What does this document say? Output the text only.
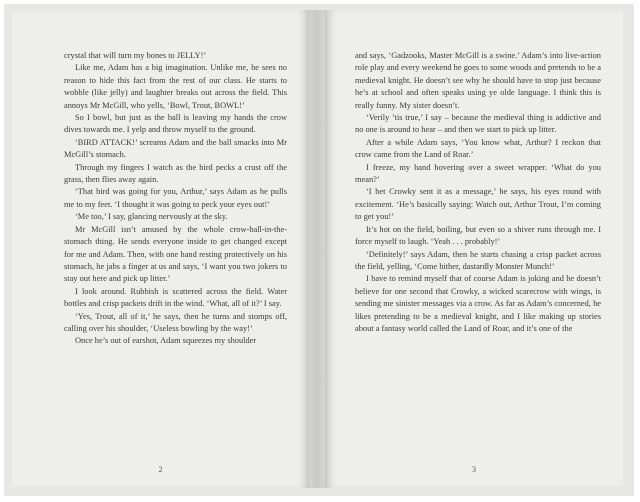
crystal that will turn my bones to JELLY!’

Like me, Adam has a big imagination. Unlike me, he sees no reason to hide this fact from the rest of our class. He starts to wobble (like jelly) and laughter breaks out across the field. This annoys Mr McGill, who yells, ‘Bowl, Trout, BOWL!’

So I bowl, but just as the ball is leaving my hands the crow dives towards me. I yelp and throw myself to the ground.

‘BIRD ATTACK!’ screams Adam and the ball smacks into Mr McGill’s stomach.

Through my fingers I watch as the bird pecks a crust off the grass, then flies away again.

‘That bird was going for you, Arthur,’ says Adam as he pulls me to my feet. ‘I thought it was going to peck your eyes out!’

‘Me too,’ I say, glancing nervously at the sky.

Mr McGill isn’t amused by the whole crow-ball-in-the-stomach thing. He sends everyone inside to get changed except for me and Adam. Then, with one hand resting protectively on his stomach, he jabs a finger at us and says, ‘I want you two jokers to stay out here and pick up litter.’

I look around. Rubbish is scattered across the field. Water bottles and crisp packets drift in the wind. ‘What, all of it?’ I say.

‘Yes, Trout, all of it,’ he says, then he turns and stomps off, calling over his shoulder, ‘Useless bowling by the way!’

Once he’s out of earshot, Adam squeezes my shoulder

2

and says, ‘Gadzooks, Master McGill is a swine.’ Adam’s into live-action role play and every weekend he goes to some woods and pretends to be a medieval knight. He doesn’t see why he should have to stop just because he’s at school and often speaks using ye olde language. I think this is really funny. My sister doesn’t.

‘Verily ’tis true,’ I say – because the medieval thing is addictive and no one is around to hear – and then we start to pick up litter.

After a while Adam says, ‘You know what, Arthur? I reckon that crow came from the Land of Roar.’

I freeze, my hand hovering over a sweet wrapper. ‘What do you mean?’

‘I bet Crowky sent it as a message,’ he says, his eyes round with excitement. ‘He’s basically saying: Watch out, Arthur Trout, I’m coming to get you!’

It’s hot on the field, boiling, but even so a shiver runs through me. I force myself to laugh. ‘Yeah . . . probably!’

‘Definitely!’ says Adam, then he starts chasing a crisp packet across the field, yelling, ‘Come hither, dastardly Monster Munch!’

I have to remind myself that of course Adam is joking and he doesn’t believe for one second that Crowky, a wicked scarecrow with wings, is sending me sinister messages via a crow. As far as Adam’s concerned, he likes pretending to be a medieval knight, and I like making up stories about a fantasy world called the Land of Roar, and it’s one of the

3
